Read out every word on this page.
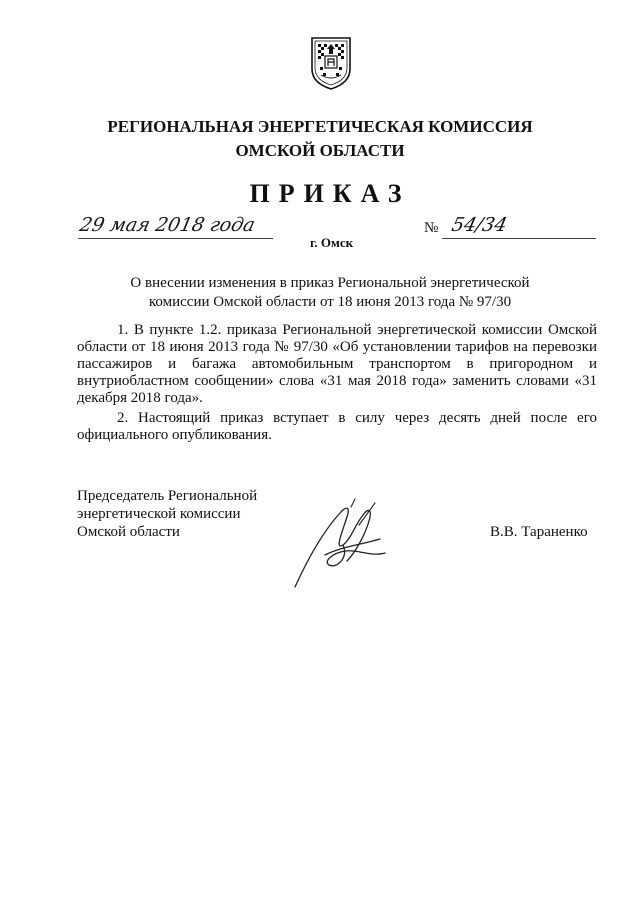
РЕГИОНАЛЬНАЯ ЭНЕРГЕТИЧЕСКАЯ КОМИССИЯ
ОМСКОЙ ОБЛАСТИ
ПРИКАЗ
29 мая 2018 года
г. Омск
№ 54/34
О внесении изменения в приказ Региональной энергетической
комиссии Омской области от 18 июня 2013 года № 97/30
1. В пункте 1.2. приказа Региональной энергетической комиссии Омской
области от 18 июня 2013 года № 97/30 «Об установлении тарифов на перевозки
пассажиров и багажа автомобильным транспортом в пригородном и
внутриобластном сообщении» слова «31 мая 2018 года» заменить словами «31
декабря 2018 года».
2. Настоящий приказ вступает в силу через десять дней после его
официального опубликования.
Председатель Региональной
энергетической комиссии
Омской области	В.В. Тараненко
